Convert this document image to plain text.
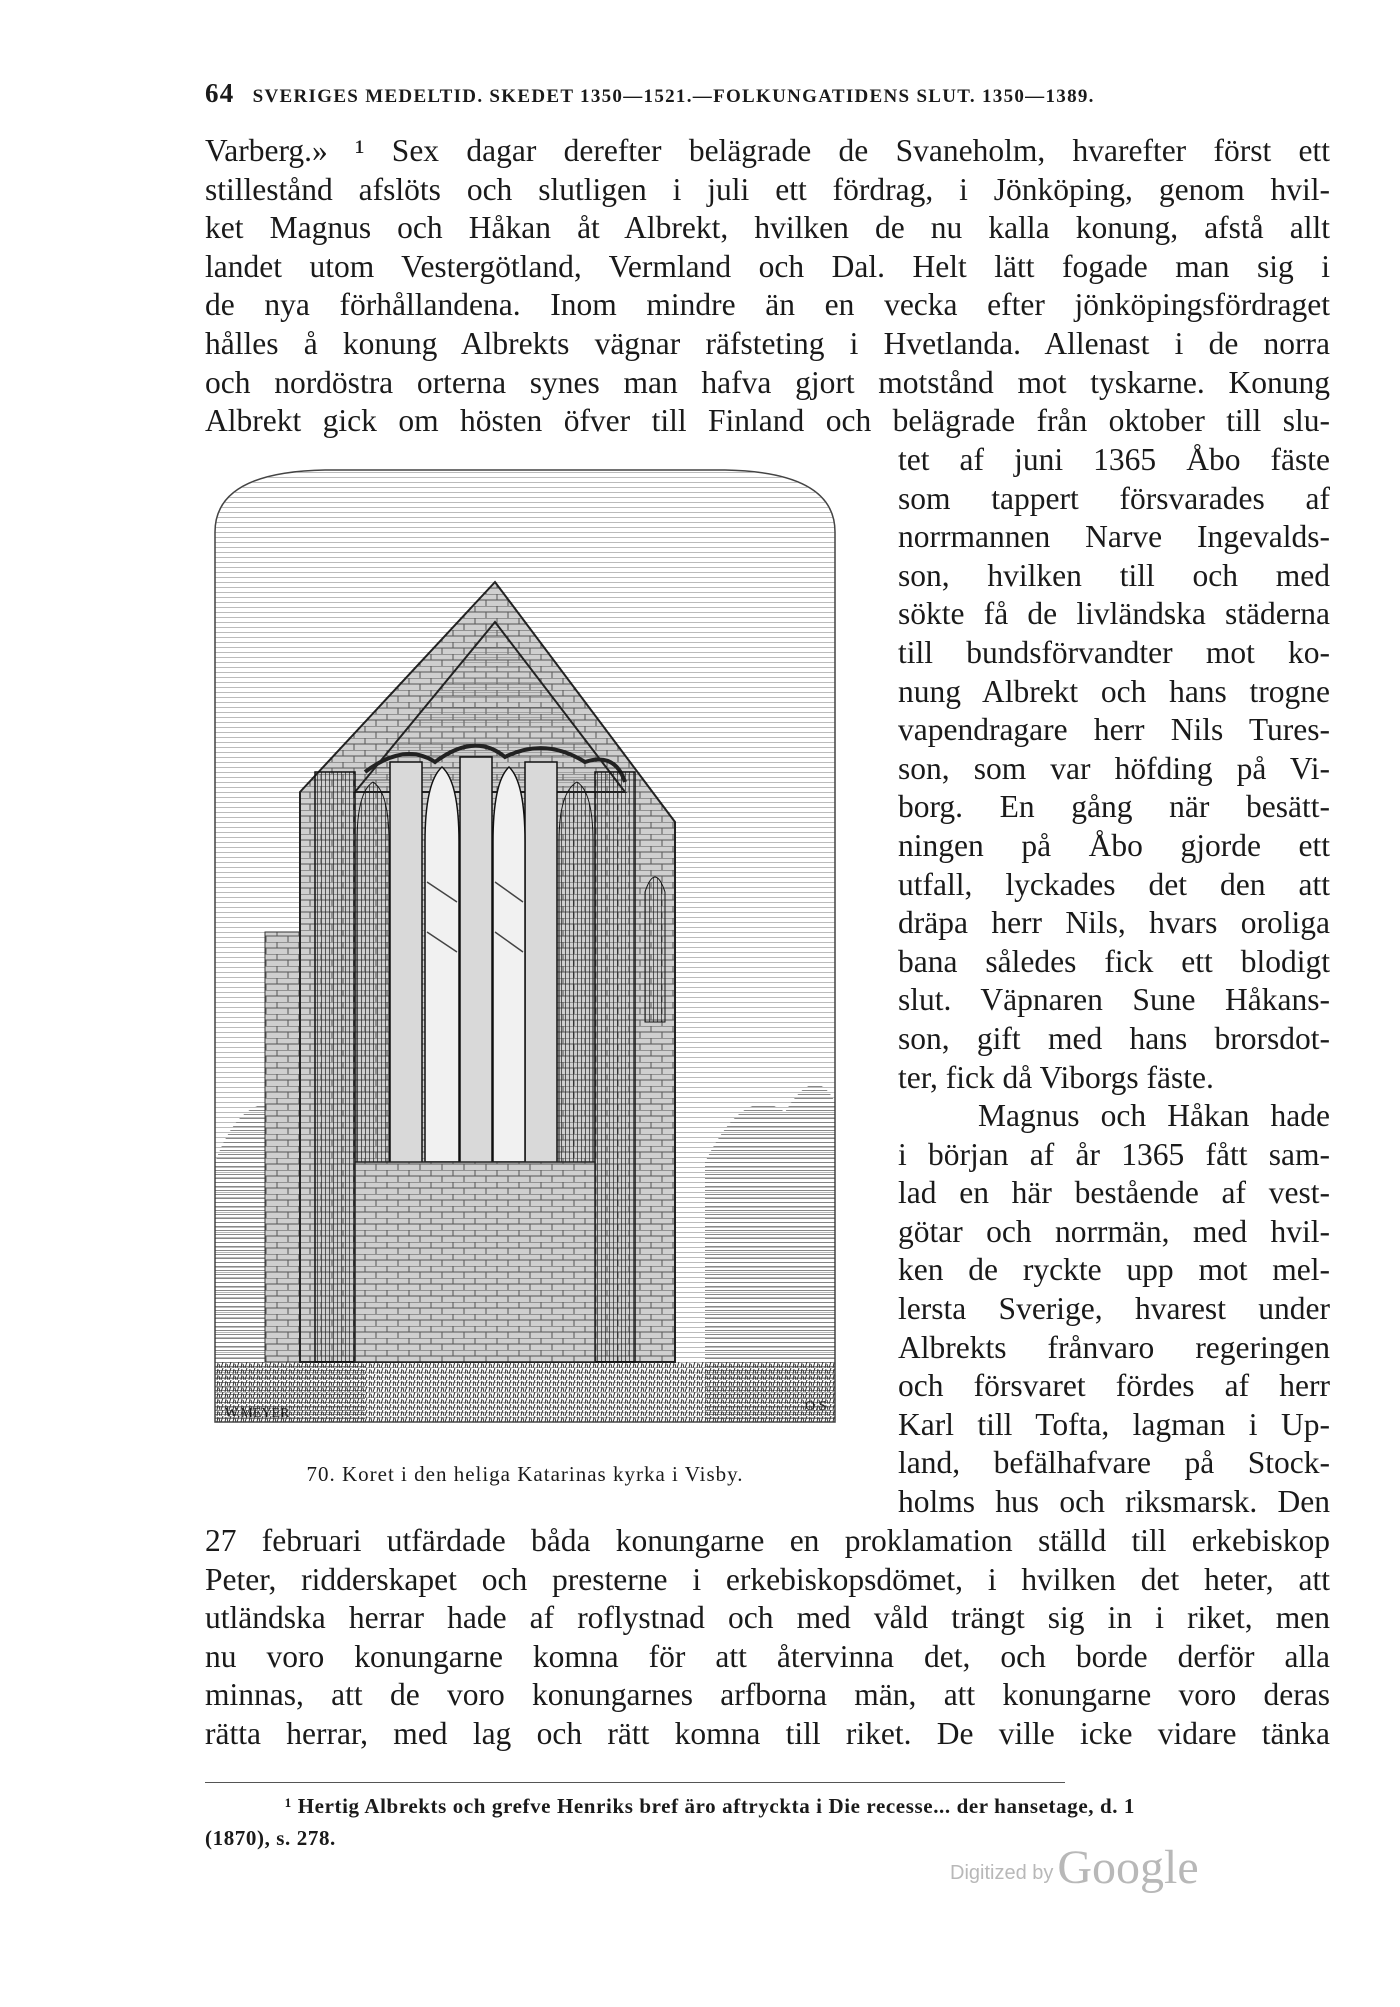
64 SVERIGES MEDELTID. SKEDET 1350—1521.—FOLKUNGATIDENS SLUT. 1350—1389.
Varberg.» ¹ Sex dagar derefter belägrade de Svaneholm, hvarefter först ett
stillestånd afslöts och slutligen i juli ett fördrag, i Jönköping, genom hvil-
ket Magnus och Håkan åt Albrekt, hvilken de nu kalla konung, afstå allt
landet utom Vestergötland, Vermland och Dal. Helt lätt fogade man sig i
de nya förhållandena. Inom mindre än en vecka efter jönköpingsfördraget
hålles å konung Albrekts vägnar räfsteting i Hvetlanda. Allenast i de norra
och nordöstra orterna synes man hafva gjort motstånd mot tyskarne. Konung
Albrekt gick om hösten öfver till Finland och belägrade från oktober till slu-
W.MEYER	O.S
70. Koret i den heliga Katarinas kyrka i Visby.
tet af juni 1365 Åbo fäste
som tappert försvarades af
norrmannen Narve Ingevalds-
son, hvilken till och med
sökte få de livländska städerna
till bundsförvandter mot ko-
nung Albrekt och hans trogne
vapendragare herr Nils Tures-
son, som var höfding på Vi-
borg. En gång när besätt-
ningen på Åbo gjorde ett
utfall, lyckades det den att
dräpa herr Nils, hvars oroliga
bana således fick ett blodigt
slut. Väpnaren Sune Håkans-
son, gift med hans brorsdot-
ter, fick då Viborgs fäste.
Magnus och Håkan hade
i början af år 1365 fått sam-
lad en här bestående af vest-
götar och norrmän, med hvil-
ken de ryckte upp mot mel-
lersta Sverige, hvarest under
Albrekts frånvaro regeringen
och försvaret fördes af herr
Karl till Tofta, lagman i Up-
land, befälhafvare på Stock-
holms hus och riksmarsk. Den
27 februari utfärdade båda konungarne en proklamation ställd till erkebiskop
Peter, ridderskapet och presterne i erkebiskopsdömet, i hvilken det heter, att
utländska herrar hade af roflystnad och med våld trängt sig in i riket, men
nu voro konungarne komna för att återvinna det, och borde derför alla
minnas, att de voro konungarnes arfborna män, att konungarne voro deras
rätta herrar, med lag och rätt komna till riket. De ville icke vidare tänka
¹ Hertig Albrekts och grefve Henriks bref äro aftryckta i Die recesse... der hansetage, d. 1
(1870), s. 278.
Digitized by Google
